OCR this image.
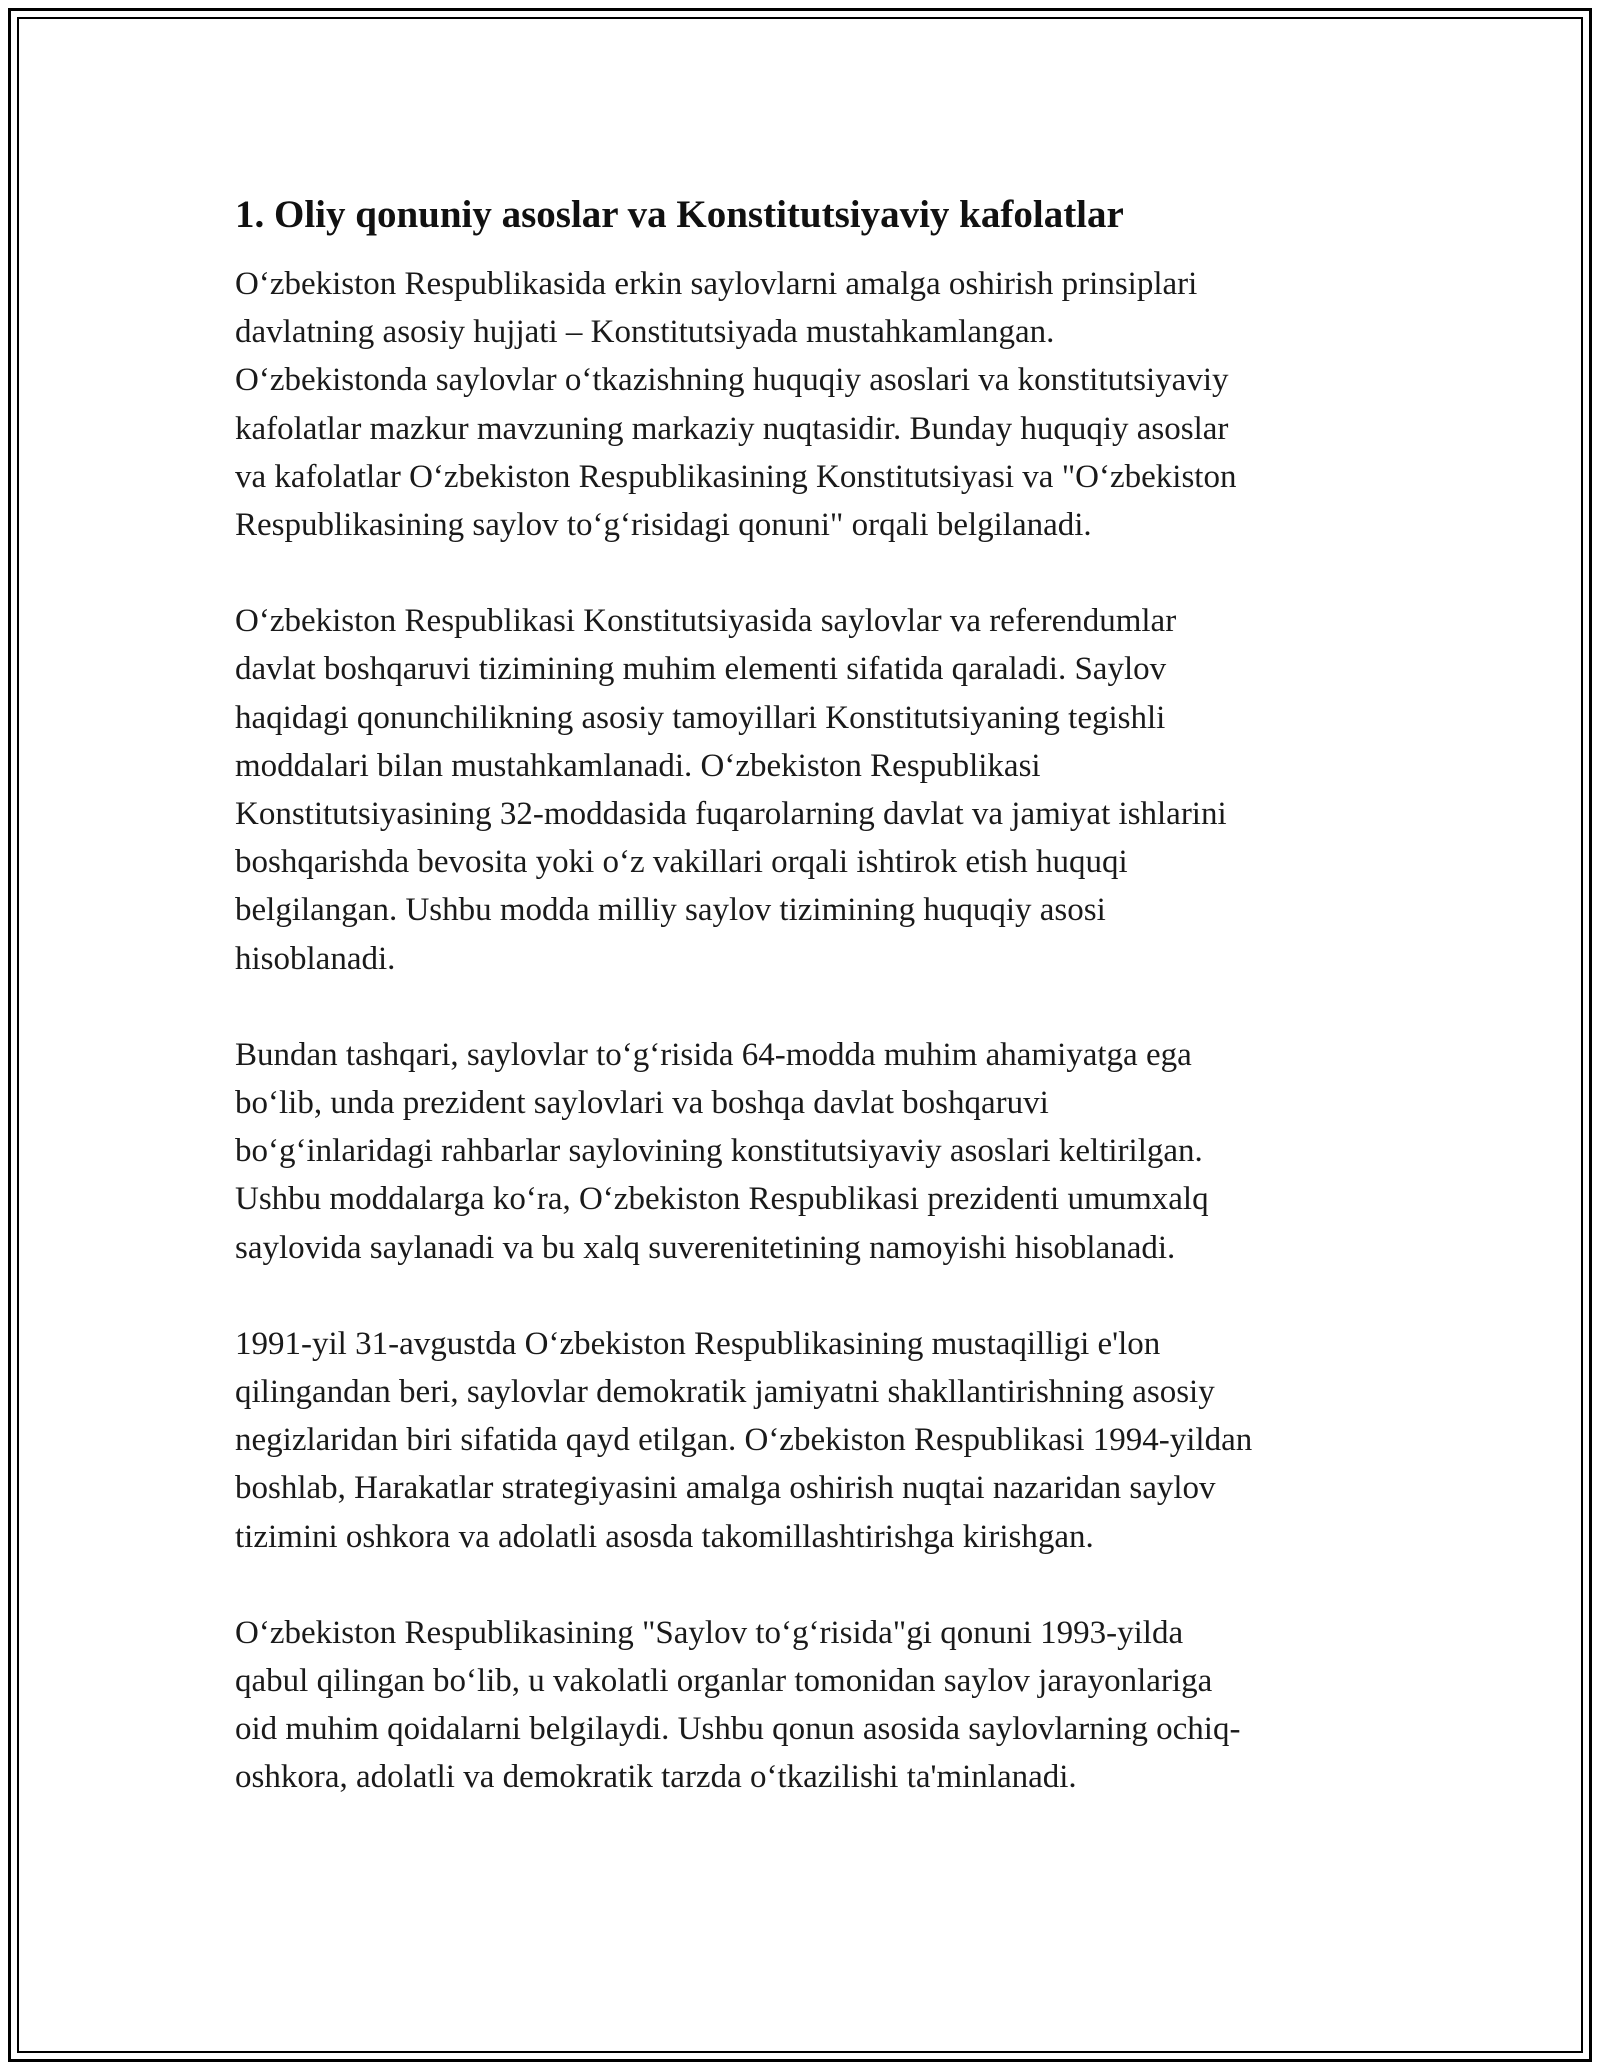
1. Oliy qonuniy asoslar va Konstitutsiyaviy kafolatlar

O‘zbekiston Respublikasida erkin saylovlarni amalga oshirish prinsiplari
davlatning asosiy hujjati – Konstitutsiyada mustahkamlangan.
O‘zbekistonda saylovlar o‘tkazishning huquqiy asoslari va konstitutsiyaviy
kafolatlar mazkur mavzuning markaziy nuqtasidir. Bunday huquqiy asoslar
va kafolatlar O‘zbekiston Respublikasining Konstitutsiyasi va "O‘zbekiston
Respublikasining saylov to‘g‘risidagi qonuni" orqali belgilanadi.

O‘zbekiston Respublikasi Konstitutsiyasida saylovlar va referendumlar
davlat boshqaruvi tizimining muhim elementi sifatida qaraladi. Saylov
haqidagi qonunchilikning asosiy tamoyillari Konstitutsiyaning tegishli
moddalari bilan mustahkamlanadi. O‘zbekiston Respublikasi
Konstitutsiyasining 32-moddasida fuqarolarning davlat va jamiyat ishlarini
boshqarishda bevosita yoki o‘z vakillari orqali ishtirok etish huquqi
belgilangan. Ushbu modda milliy saylov tizimining huquqiy asosi
hisoblanadi.

Bundan tashqari, saylovlar to‘g‘risida 64-modda muhim ahamiyatga ega
bo‘lib, unda prezident saylovlari va boshqa davlat boshqaruvi
bo‘g‘inlaridagi rahbarlar saylovining konstitutsiyaviy asoslari keltirilgan.
Ushbu moddalarga ko‘ra, O‘zbekiston Respublikasi prezidenti umumxalq
saylovida saylanadi va bu xalq suverenitetining namoyishi hisoblanadi.

1991-yil 31-avgustda O‘zbekiston Respublikasining mustaqilligi e'lon
qilingandan beri, saylovlar demokratik jamiyatni shakllantirishning asosiy
negizlaridan biri sifatida qayd etilgan. O‘zbekiston Respublikasi 1994-yildan
boshlab, Harakatlar strategiyasini amalga oshirish nuqtai nazaridan saylov
tizimini oshkora va adolatli asosda takomillashtirishga kirishgan.

O‘zbekiston Respublikasining "Saylov to‘g‘risida"gi qonuni 1993-yilda
qabul qilingan bo‘lib, u vakolatli organlar tomonidan saylov jarayonlariga
oid muhim qoidalarni belgilaydi. Ushbu qonun asosida saylovlarning ochiq-
oshkora, adolatli va demokratik tarzda o‘tkazilishi ta'minlanadi.
